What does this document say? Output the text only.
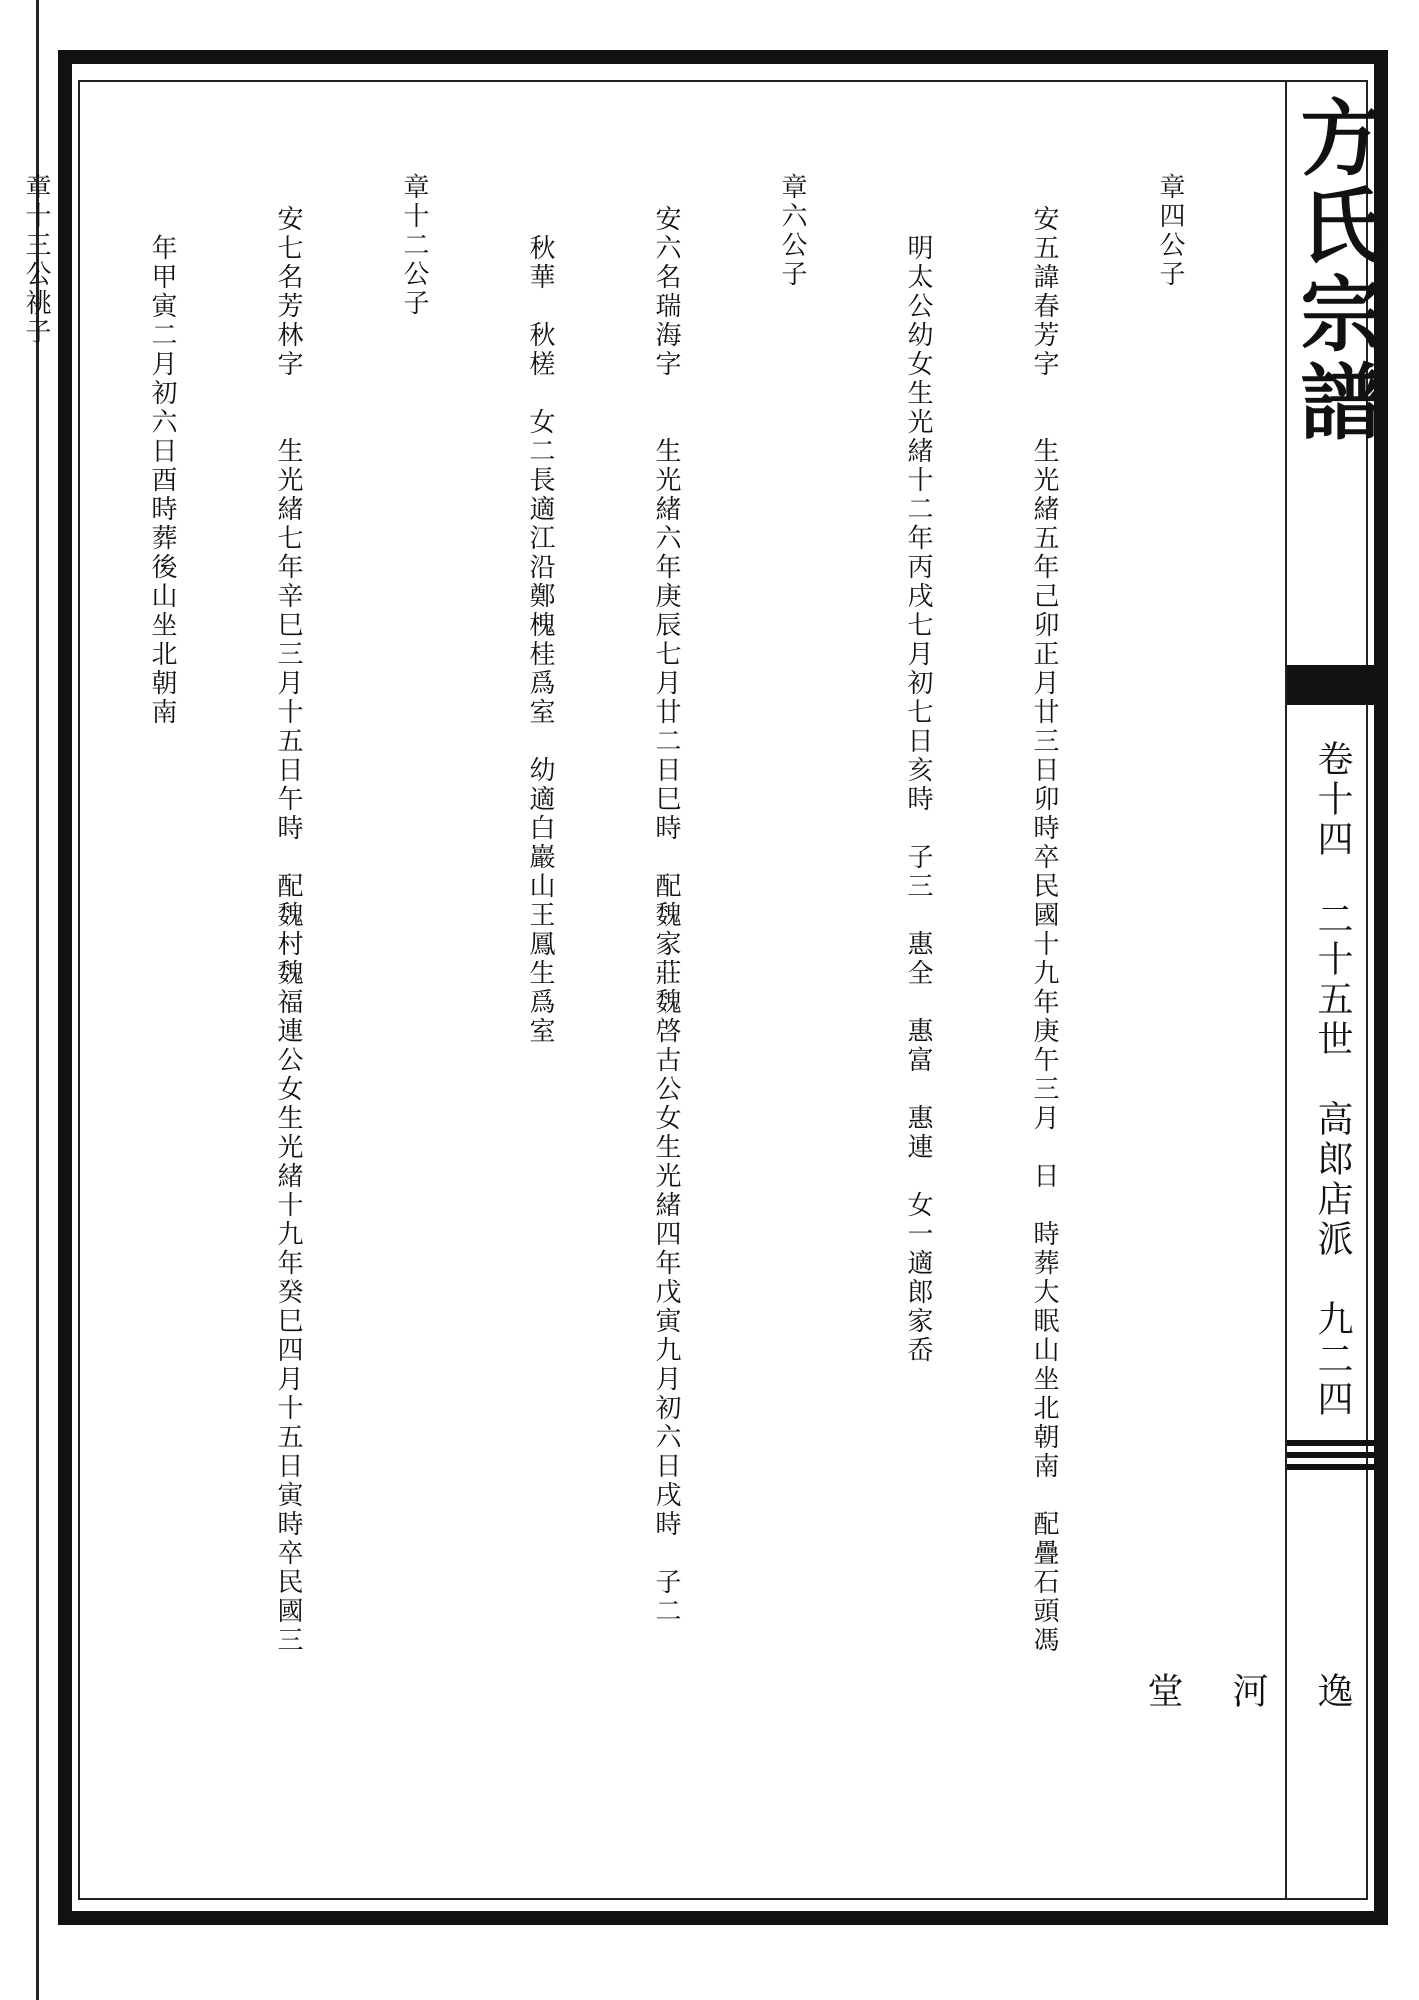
方氏宗譜
卷十四　二十五世　高郎店派　九二四
逸
河
堂

章四公子

安五諱春芳字　　生光緒五年己卯正月廿三日卯時卒民國十九年庚午三月　日　時葬大眠山坐北朝南　配疊石頭馮

　明太公幼女生光緒十二年丙戌七月初七日亥時　子三　惠全　惠富　惠連　女一適郎家岙

章六公子

安六名瑞海字　　生光緒六年庚辰七月廿二日巳時　配魏家莊魏啓古公女生光緒四年戊寅九月初六日戌時　子二

　秋華　秋槎　女二長適江沿鄭槐桂爲室　幼適白巖山王鳳生爲室

章十二公子

安七名芳林字　　生光緒七年辛巳三月十五日午時　配魏村魏福連公女生光緒十九年癸巳四月十五日寅時卒民國三

　年甲寅二月初六日酉時葬後山坐北朝南

章十三公祧子
